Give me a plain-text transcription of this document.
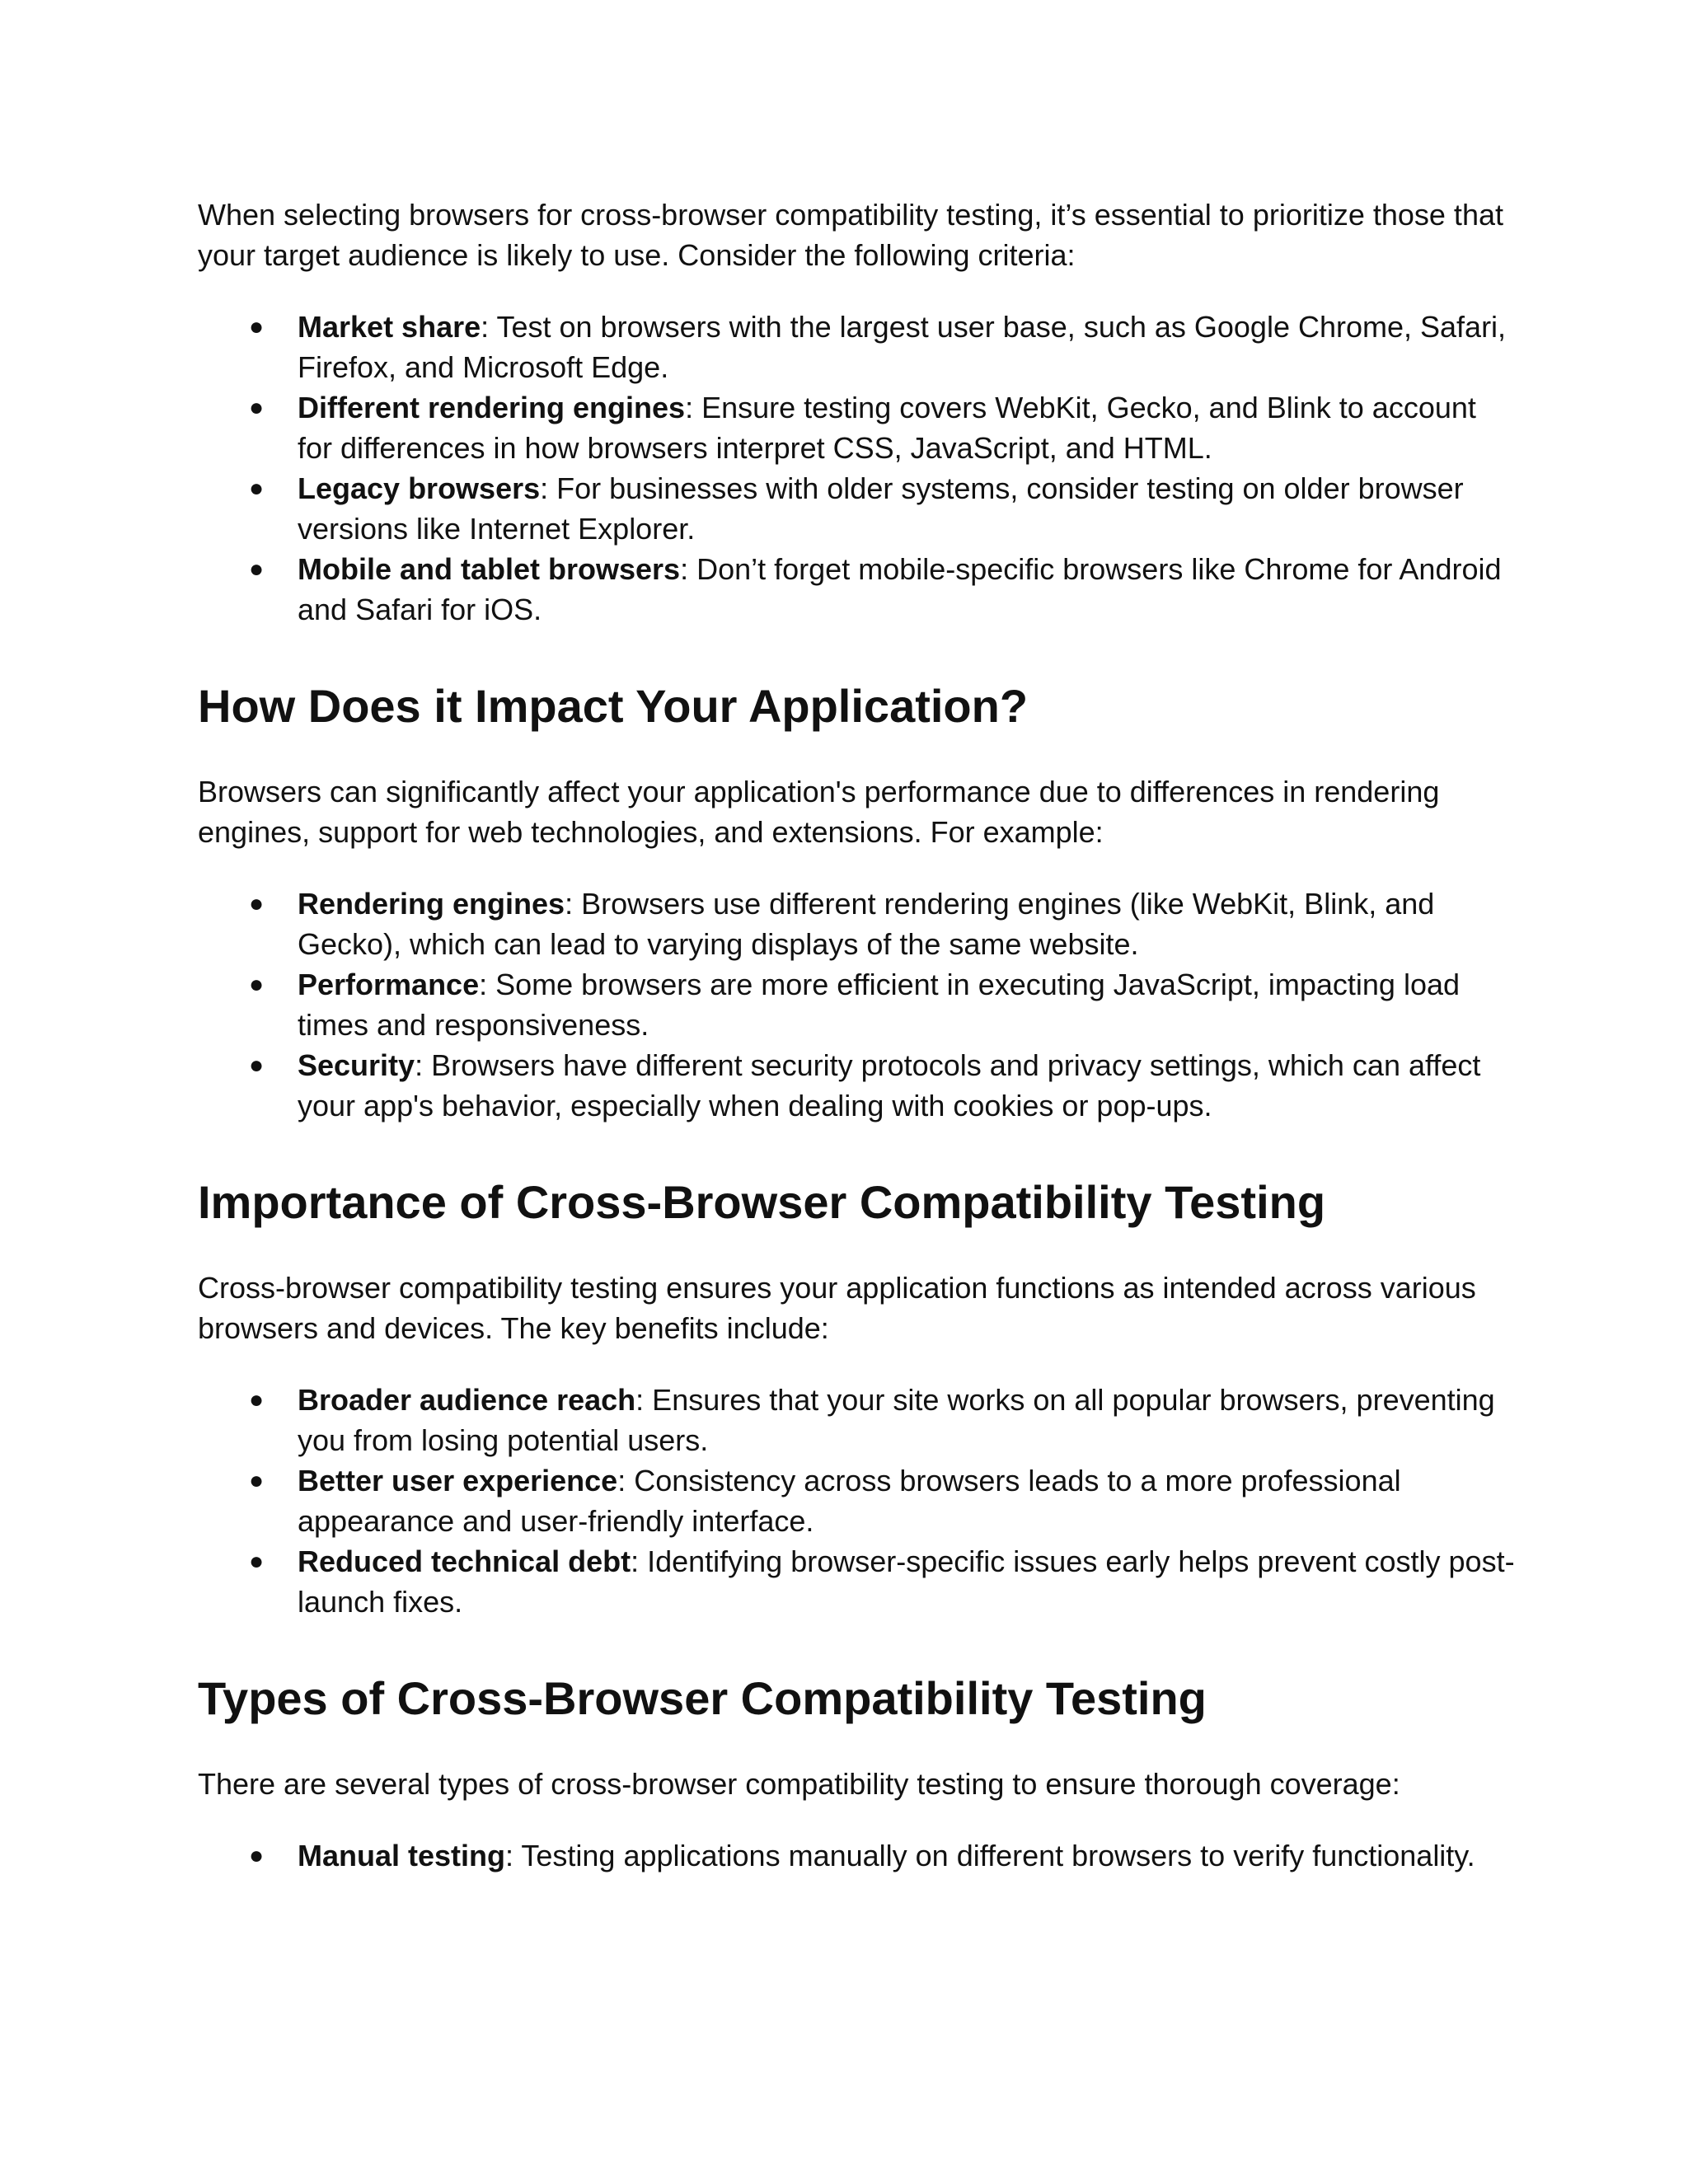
When selecting browsers for cross-browser compatibility testing, it’s essential to prioritize those that your target audience is likely to use. Consider the following criteria:

● Market share: Test on browsers with the largest user base, such as Google Chrome, Safari, Firefox, and Microsoft Edge.
● Different rendering engines: Ensure testing covers WebKit, Gecko, and Blink to account for differences in how browsers interpret CSS, JavaScript, and HTML.
● Legacy browsers: For businesses with older systems, consider testing on older browser versions like Internet Explorer.
● Mobile and tablet browsers: Don’t forget mobile-specific browsers like Chrome for Android and Safari for iOS.
How Does it Impact Your Application?

Browsers can significantly affect your application's performance due to differences in rendering engines, support for web technologies, and extensions. For example:

● Rendering engines: Browsers use different rendering engines (like WebKit, Blink, and Gecko), which can lead to varying displays of the same website.
● Performance: Some browsers are more efficient in executing JavaScript, impacting load times and responsiveness.
● Security: Browsers have different security protocols and privacy settings, which can affect your app's behavior, especially when dealing with cookies or pop-ups.
Importance of Cross-Browser Compatibility Testing

Cross-browser compatibility testing ensures your application functions as intended across various browsers and devices. The key benefits include:

● Broader audience reach: Ensures that your site works on all popular browsers, preventing you from losing potential users.
● Better user experience: Consistency across browsers leads to a more professional appearance and user-friendly interface.
● Reduced technical debt: Identifying browser-specific issues early helps prevent costly post-launch fixes.
Types of Cross-Browser Compatibility Testing

There are several types of cross-browser compatibility testing to ensure thorough coverage:

● Manual testing: Testing applications manually on different browsers to verify functionality.
